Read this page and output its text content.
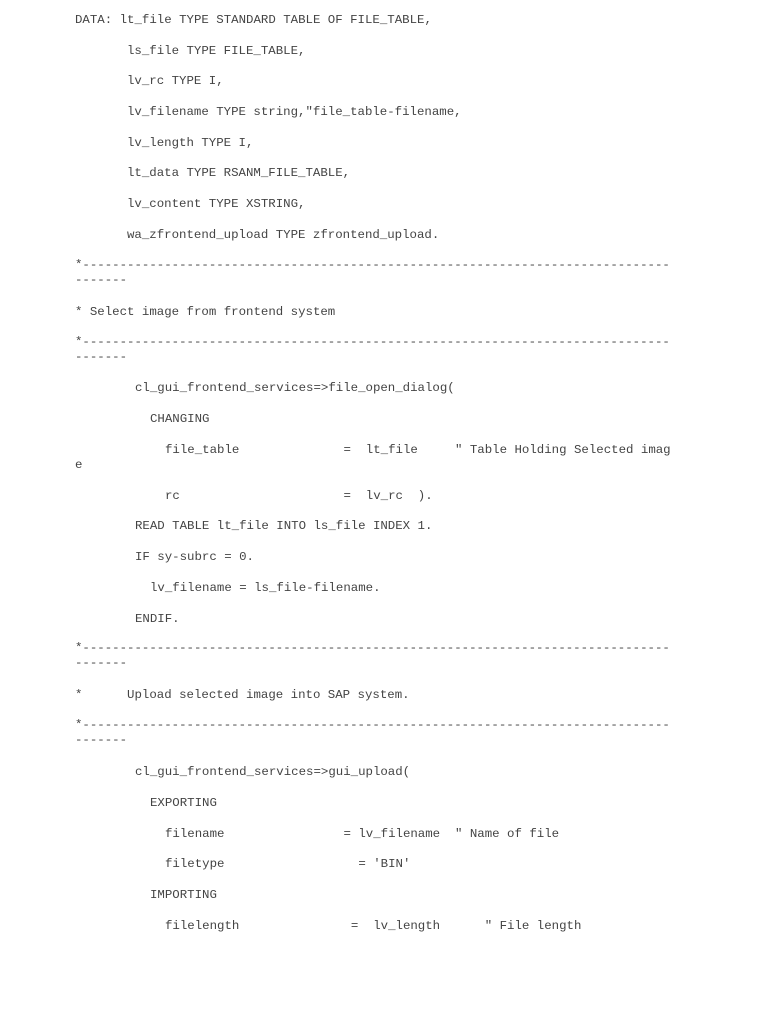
DATA: lt_file TYPE STANDARD TABLE OF FILE_TABLE,

ls_file TYPE FILE_TABLE,

lv_rc TYPE I,

lv_filename TYPE string,"file_table-filename,

lv_length TYPE I,

lt_data TYPE RSANM_FILE_TABLE,

lv_content TYPE XSTRING,

wa_zfrontend_upload TYPE zfrontend_upload.

*-------------------------------------------------------------------------------

-------

* Select image from frontend system

*-------------------------------------------------------------------------------

-------

cl_gui_frontend_services=>file_open_dialog(

CHANGING

file_table              =  lt_file     " Table Holding Selected imag

e

rc                      =  lv_rc  ).

READ TABLE lt_file INTO ls_file INDEX 1.

IF sy-subrc = 0.

lv_filename = ls_file-filename.

ENDIF.

*-------------------------------------------------------------------------------

-------

*      Upload selected image into SAP system.

*-------------------------------------------------------------------------------

-------

cl_gui_frontend_services=>gui_upload(

EXPORTING

filename                = lv_filename  " Name of file

filetype                  = 'BIN'

IMPORTING

filelength               =  lv_length      " File length
